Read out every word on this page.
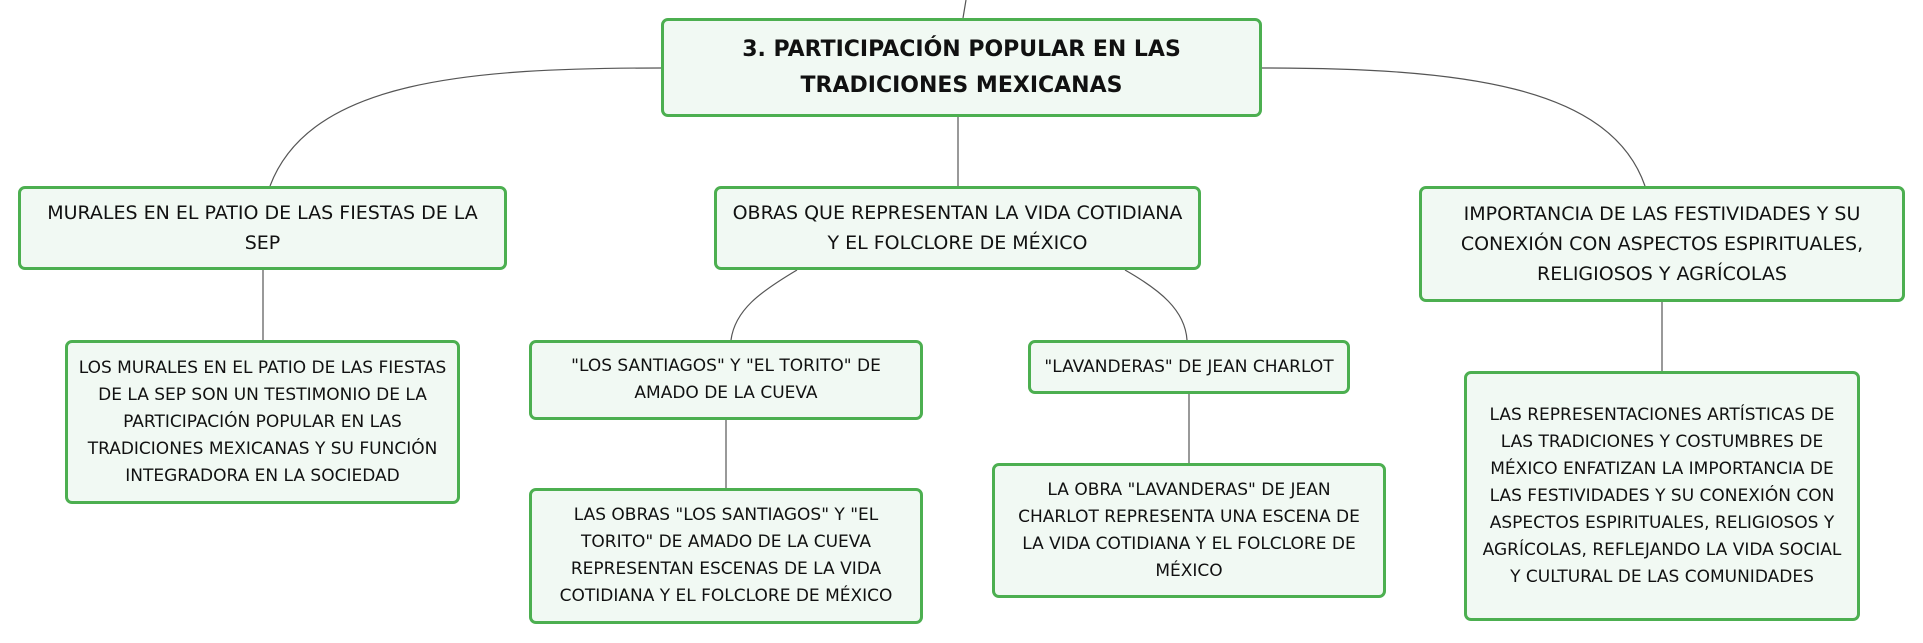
3. PARTICIPACIÓN POPULAR EN LAS TRADICIONES MEXICANAS
MURALES EN EL PATIO DE LAS FIESTAS DE LA SEP
OBRAS QUE REPRESENTAN LA VIDA COTIDIANA Y EL FOLCLORE DE MÉXICO
IMPORTANCIA DE LAS FESTIVIDADES Y SU CONEXIÓN CON ASPECTOS ESPIRITUALES, RELIGIOSOS Y AGRÍCOLAS
LOS MURALES EN EL PATIO DE LAS FIESTAS DE LA SEP SON UN TESTIMONIO DE LA PARTICIPACIÓN POPULAR EN LAS TRADICIONES MEXICANAS Y SU FUNCIÓN INTEGRADORA EN LA SOCIEDAD
"LOS SANTIAGOS" Y "EL TORITO" DE AMADO DE LA CUEVA
"LAVANDERAS" DE JEAN CHARLOT
LAS OBRAS "LOS SANTIAGOS" Y "EL TORITO" DE AMADO DE LA CUEVA REPRESENTAN ESCENAS DE LA VIDA COTIDIANA Y EL FOLCLORE DE MÉXICO
LA OBRA "LAVANDERAS" DE JEAN CHARLOT REPRESENTA UNA ESCENA DE LA VIDA COTIDIANA Y EL FOLCLORE DE MÉXICO
LAS REPRESENTACIONES ARTÍSTICAS DE LAS TRADICIONES Y COSTUMBRES DE MÉXICO ENFATIZAN LA IMPORTANCIA DE LAS FESTIVIDADES Y SU CONEXIÓN CON ASPECTOS ESPIRITUALES, RELIGIOSOS Y AGRÍCOLAS, REFLEJANDO LA VIDA SOCIAL Y CULTURAL DE LAS COMUNIDADES
